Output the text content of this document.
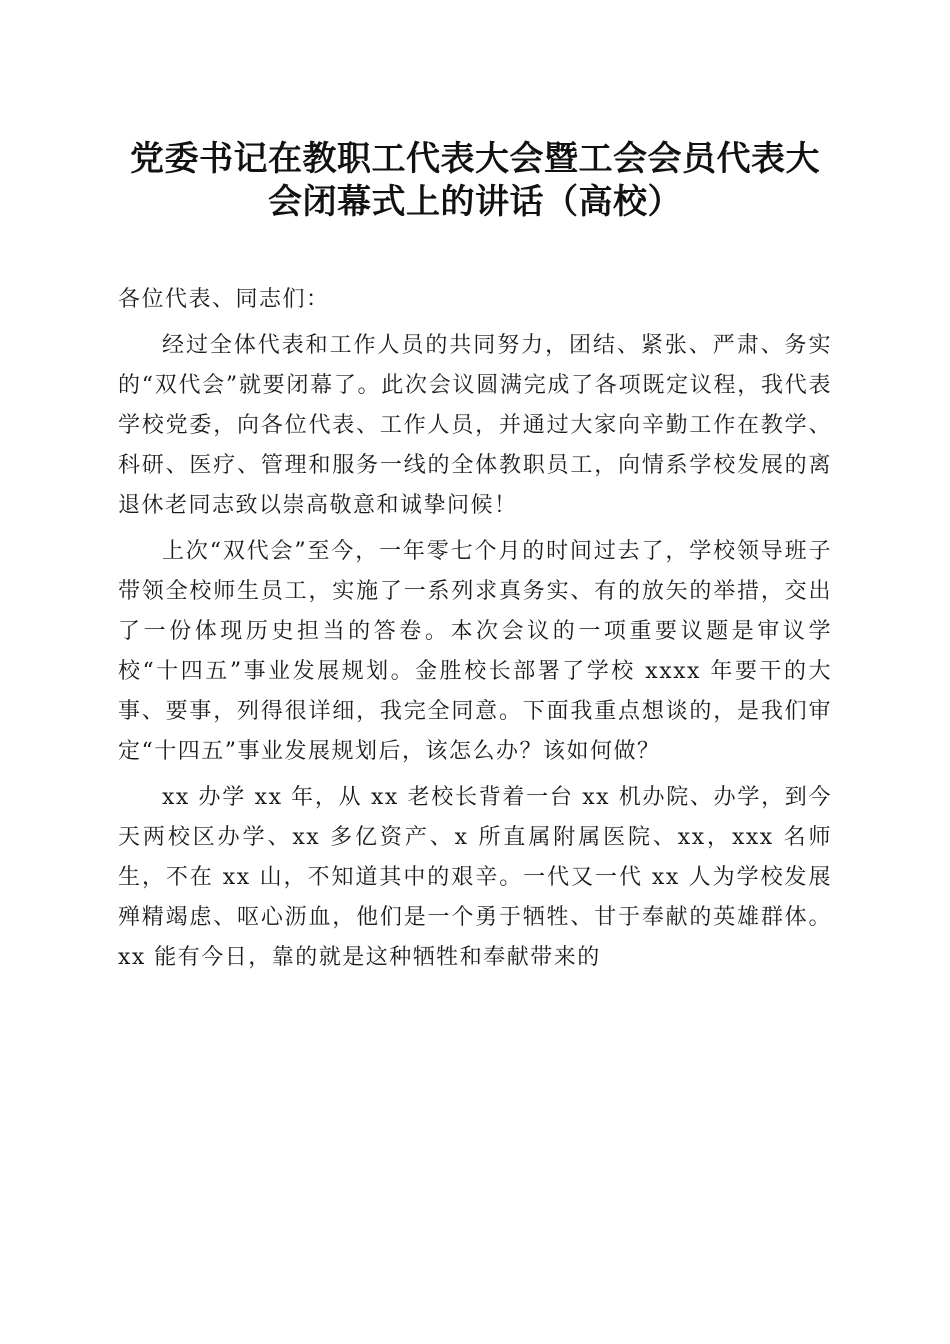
党委书记在教职工代表大会暨工会会员代表大
会闭幕式上的讲话（高校）

各位代表、同志们：

经过全体代表和工作人员的共同努力，团结、紧张、严肃、务实的“双代会”就要闭幕了。此次会议圆满完成了各项既定议程，我代表学校党委，向各位代表、工作人员，并通过大家向辛勤工作在教学、科研、医疗、管理和服务一线的全体教职员工，向情系学校发展的离退休老同志致以崇高敬意和诚挚问候！

上次“双代会”至今，一年零七个月的时间过去了，学校领导班子带领全校师生员工，实施了一系列求真务实、有的放矢的举措，交出了一份体现历史担当的答卷。本次会议的一项重要议题是审议学校“十四五”事业发展规划。金胜校长部署了学校 xxxx 年要干的大事、要事，列得很详细，我完全同意。下面我重点想谈的，是我们审定“十四五”事业发展规划后，该怎么办？该如何做？

xx 办学 xx 年，从 xx 老校长背着一台 xx 机办院、办学，到今天两校区办学、xx 多亿资产、x 所直属附属医院、xx，xxx 名师生，不在 xx 山，不知道其中的艰辛。一代又一代 xx 人为学校发展殚精竭虑、呕心沥血，他们是一个勇于牺牲、甘于奉献的英雄群体。xx 能有今日，靠的就是这种牺牲和奉献带来的
